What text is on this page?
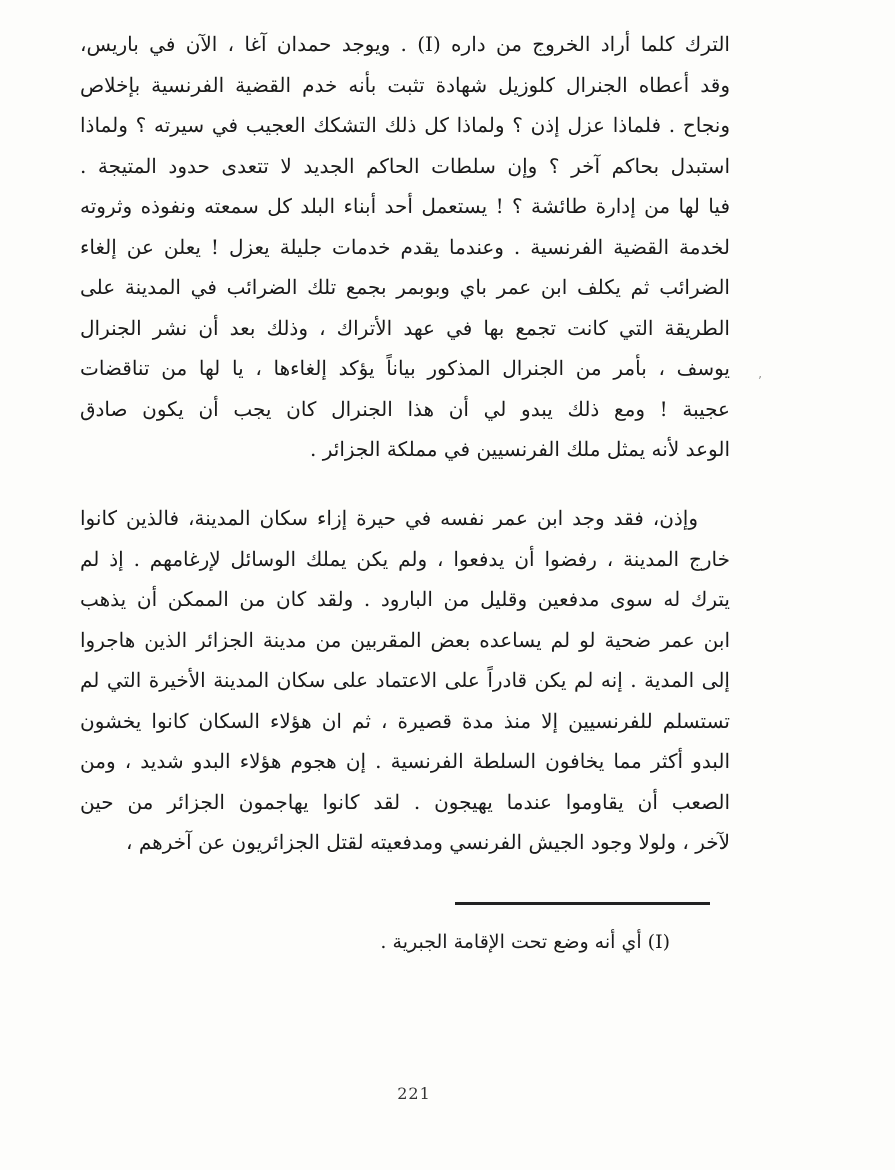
الترك كلما أراد الخروج من داره (I) . ويوجد حمدان آغا ، الآن في باريس،
وقد أعطاه الجنرال كلوزيل شهادة تثبت بأنه خدم القضية الفرنسية بإخلاص
ونجاح . فلماذا عزل إذن ؟ ولماذا كل ذلك التشكك العجيب في سيرته ؟ ولماذا
استبدل بحاكم آخر ؟ وإن سلطات الحاكم الجديد لا تتعدى حدود المتيجة .
فيا لها من إدارة طائشة ؟ ! يستعمل أحد أبناء البلد كل سمعته ونفوذه وثروته
لخدمة القضية الفرنسية . وعندما يقدم خدمات جليلة يعزل ! يعلن عن إلغاء
الضرائب ثم يكلف ابن عمر باي وبوبمر بجمع تلك الضرائب في المدينة على
الطريقة التي كانت تجمع بها في عهد الأتراك ، وذلك بعد أن نشر الجنرال
يوسف ، بأمر من الجنرال المذكور بياناً يؤكد إلغاءها ، يا لها من تناقضات
عجيبة ! ومع ذلك يبدو لي أن هذا الجنرال كان يجب أن يكون صادق
الوعد لأنه يمثل ملك الفرنسيين في مملكة الجزائر .
’
وإذن، فقد وجد ابن عمر نفسه في حيرة إزاء سكان المدينة، فالذين كانوا
خارج المدينة ، رفضوا أن يدفعوا ، ولم يكن يملك الوسائل لإرغامهم . إذ لم
يترك له سوى مدفعين وقليل من البارود . ولقد كان من الممكن أن يذهب
ابن عمر ضحية لو لم يساعده بعض المقربين من مدينة الجزائر الذين هاجروا
إلى المدية . إنه لم يكن قادراً على الاعتماد على سكان المدينة الأخيرة التي لم
تستسلم للفرنسيين إلا منذ مدة قصيرة ، ثم ان هؤلاء السكان كانوا يخشون
البدو أكثر مما يخافون السلطة الفرنسية . إن هجوم هؤلاء البدو شديد ، ومن
الصعب أن يقاوموا عندما يهيجون . لقد كانوا يهاجمون الجزائر من حين
لآخر ، ولولا وجود الجيش الفرنسي ومدفعيته لقتل الجزائريون عن آخرهم ،
(I) أي أنه وضع تحت الإقامة الجبرية .
221
